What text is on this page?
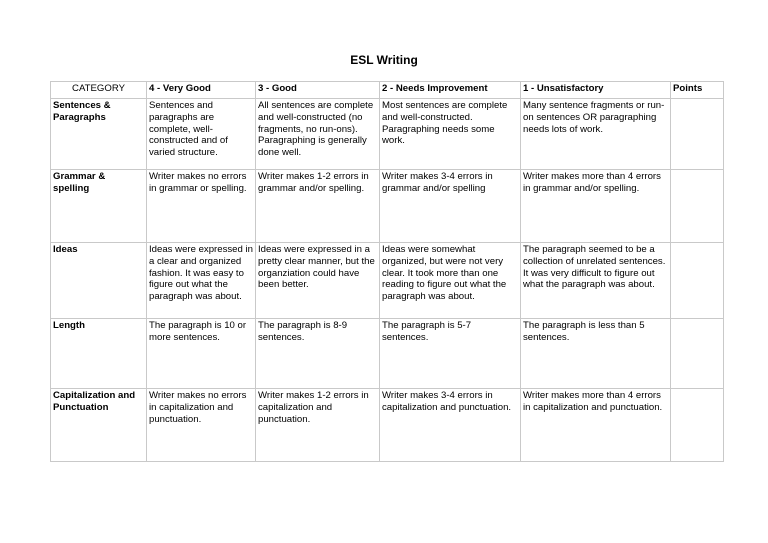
ESL Writing
CATEGORY	4 - Very Good	3 - Good	2 - Needs Improvement	1 - Unsatisfactory	Points
Sentences & Paragraphs	Sentences and paragraphs are complete, well-constructed and of varied structure.	All sentences are complete and well-constructed (no fragments, no run-ons). Paragraphing is generally done well.	Most sentences are complete and well-constructed. Paragraphing needs some work.	Many sentence fragments or run-on sentences OR paragraphing needs lots of work.	
Grammar & spelling	Writer makes no errors in grammar or spelling.	Writer makes 1-2 errors in grammar and/or spelling.	Writer makes 3-4 errors in grammar and/or spelling	Writer makes more than 4 errors in grammar and/or spelling.	
Ideas	Ideas were expressed in a clear and organized fashion. It was easy to figure out what the paragraph was about.	Ideas were expressed in a pretty clear manner, but the organziation could have been better.	Ideas were somewhat organized, but were not very clear. It took more than one reading to figure out what the paragraph was about.	The paragraph seemed to be a collection of unrelated sentences. It was very difficult to figure out what the paragraph was about.	
Length	The paragraph is 10 or more sentences.	The paragraph is 8-9 sentences.	The paragraph is 5-7 sentences.	The paragraph is less than 5 sentences.	
Capitalization and Punctuation	Writer makes no errors in capitalization and punctuation.	Writer makes 1-2 errors in capitalization and punctuation.	Writer makes 3-4 errors in capitalization and punctuation.	Writer makes more than 4 errors in capitalization and punctuation.	
